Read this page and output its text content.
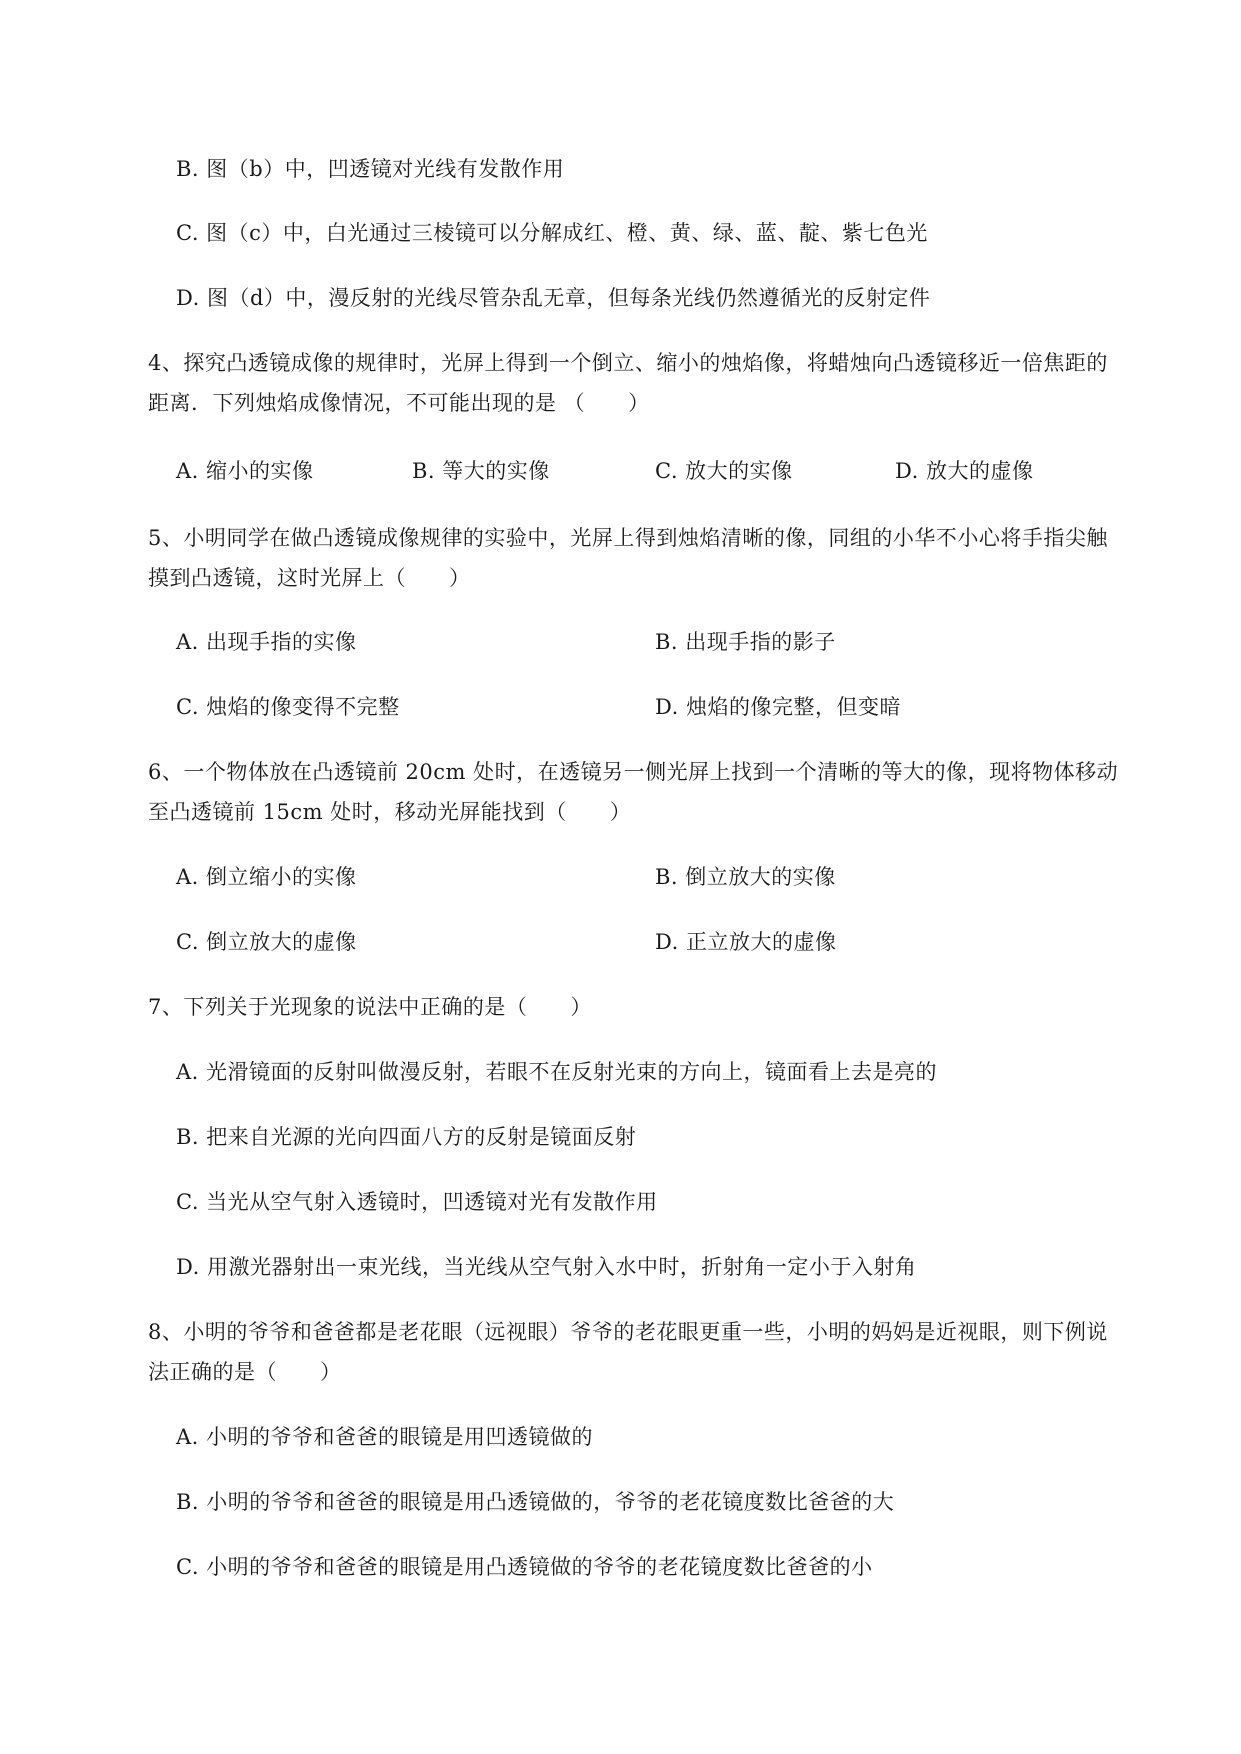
B. 图（b）中，凹透镜对光线有发散作用
C. 图（c）中，白光通过三棱镜可以分解成红、橙、黄、绿、蓝、靛、紫七色光
D. 图（d）中，漫反射的光线尽管杂乱无章，但每条光线仍然遵循光的反射定件
4、探究凸透镜成像的规律时，光屏上得到一个倒立、缩小的烛焰像，将蜡烛向凸透镜移近一倍焦距的
距离．下列烛焰成像情况，不可能出现的是 （　　）
A. 缩小的实像	B. 等大的实像	C. 放大的实像	D. 放大的虚像
5、小明同学在做凸透镜成像规律的实验中，光屏上得到烛焰清晰的像，同组的小华不小心将手指尖触
摸到凸透镜，这时光屏上（　　）
A. 出现手指的实像	B. 出现手指的影子
C. 烛焰的像变得不完整	D. 烛焰的像完整，但变暗
6、一个物体放在凸透镜前 20cm 处时，在透镜另一侧光屏上找到一个清晰的等大的像，现将物体移动
至凸透镜前 15cm 处时，移动光屏能找到（　　）
A. 倒立缩小的实像	B. 倒立放大的实像
C. 倒立放大的虚像	D. 正立放大的虚像
7、下列关于光现象的说法中正确的是（　　）
A. 光滑镜面的反射叫做漫反射，若眼不在反射光束的方向上，镜面看上去是亮的
B. 把来自光源的光向四面八方的反射是镜面反射
C. 当光从空气射入透镜时，凹透镜对光有发散作用
D. 用激光器射出一束光线，当光线从空气射入水中时，折射角一定小于入射角
8、小明的爷爷和爸爸都是老花眼（远视眼）爷爷的老花眼更重一些，小明的妈妈是近视眼，则下例说
法正确的是（　　）
A. 小明的爷爷和爸爸的眼镜是用凹透镜做的
B. 小明的爷爷和爸爸的眼镜是用凸透镜做的，爷爷的老花镜度数比爸爸的大
C. 小明的爷爷和爸爸的眼镜是用凸透镜做的爷爷的老花镜度数比爸爸的小
